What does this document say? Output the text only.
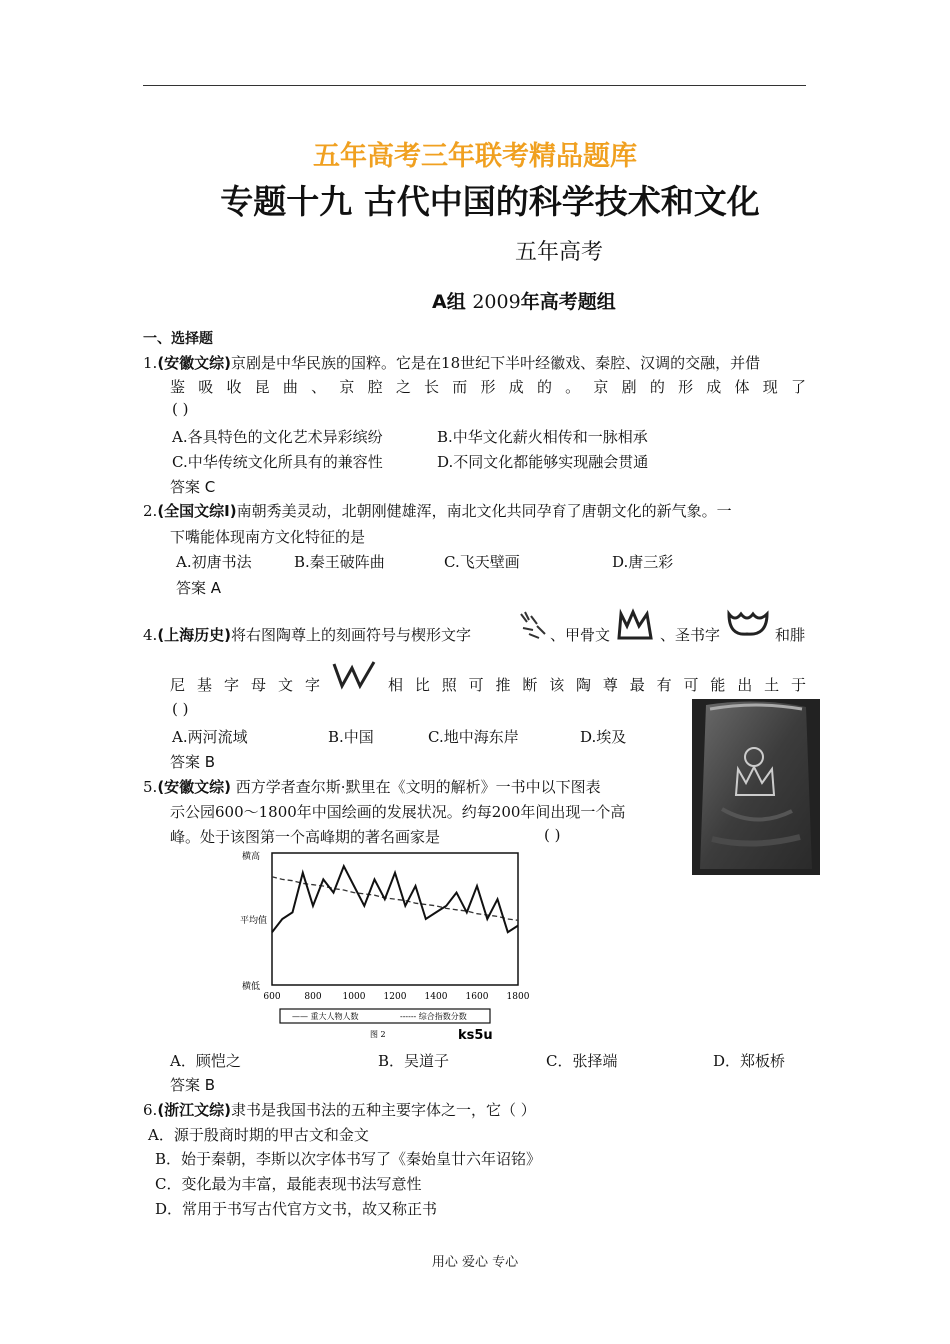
五年高考三年联考精品题库
专题十九 古代中国的科学技术和文化
五年高考
A组 2009年高考题组
一、选择题
1.(安徽文综)京剧是中华民族的国粹。它是在18世纪下半叶经徽戏、秦腔、汉调的交融，并借
鉴吸收昆曲、京腔之长而形成的。京剧的形成体现了
( )
A.各具特色的文化艺术异彩缤纷	B.中华文化薪火相传和一脉相承
C.中华传统文化所具有的兼容性	D.不同文化都能够实现融会贯通
答案 C
2.(全国文综Ⅰ)南朝秀美灵动，北朝刚健雄浑，南北文化共同孕育了唐朝文化的新气象。一
下嘴能体现南方文化特征的是
A.初唐书法	B.秦王破阵曲	C.飞天壁画	D.唐三彩
答案 A
4.(上海历史)将右图陶尊上的刻画符号与楔形文字	、甲骨文	、圣书字	和腓
尼基字母文字	相比照可推断该陶尊最有可能出土于
( )
A.两河流域	B.中国	C.地中海东岸	D.埃及
答案 B
5.(安徽文综) 西方学者查尔斯·默里在《文明的解析》一书中以下图表
示公园600～1800年中国绘画的发展状况。约每200年间出现一个高
峰。处于该图第一个高峰期的著名画家是	( )
横高
平均值
横低
600	800 1000 1200 1400 1600 1800
—— 重大人物人数	------ 综合指数分数
图 2	ks5u
A．顾恺之	B．吴道子	C．张择端	D．郑板桥
答案 B
6.(浙江文综)隶书是我国书法的五种主要字体之一，它（ ）
A．源于殷商时期的甲古文和金文
B．始于秦朝，李斯以次字体书写了《秦始皇廿六年诏铭》
C．变化最为丰富，最能表现书法写意性
D．常用于书写古代官方文书，故又称正书
用心 爱心 专心
